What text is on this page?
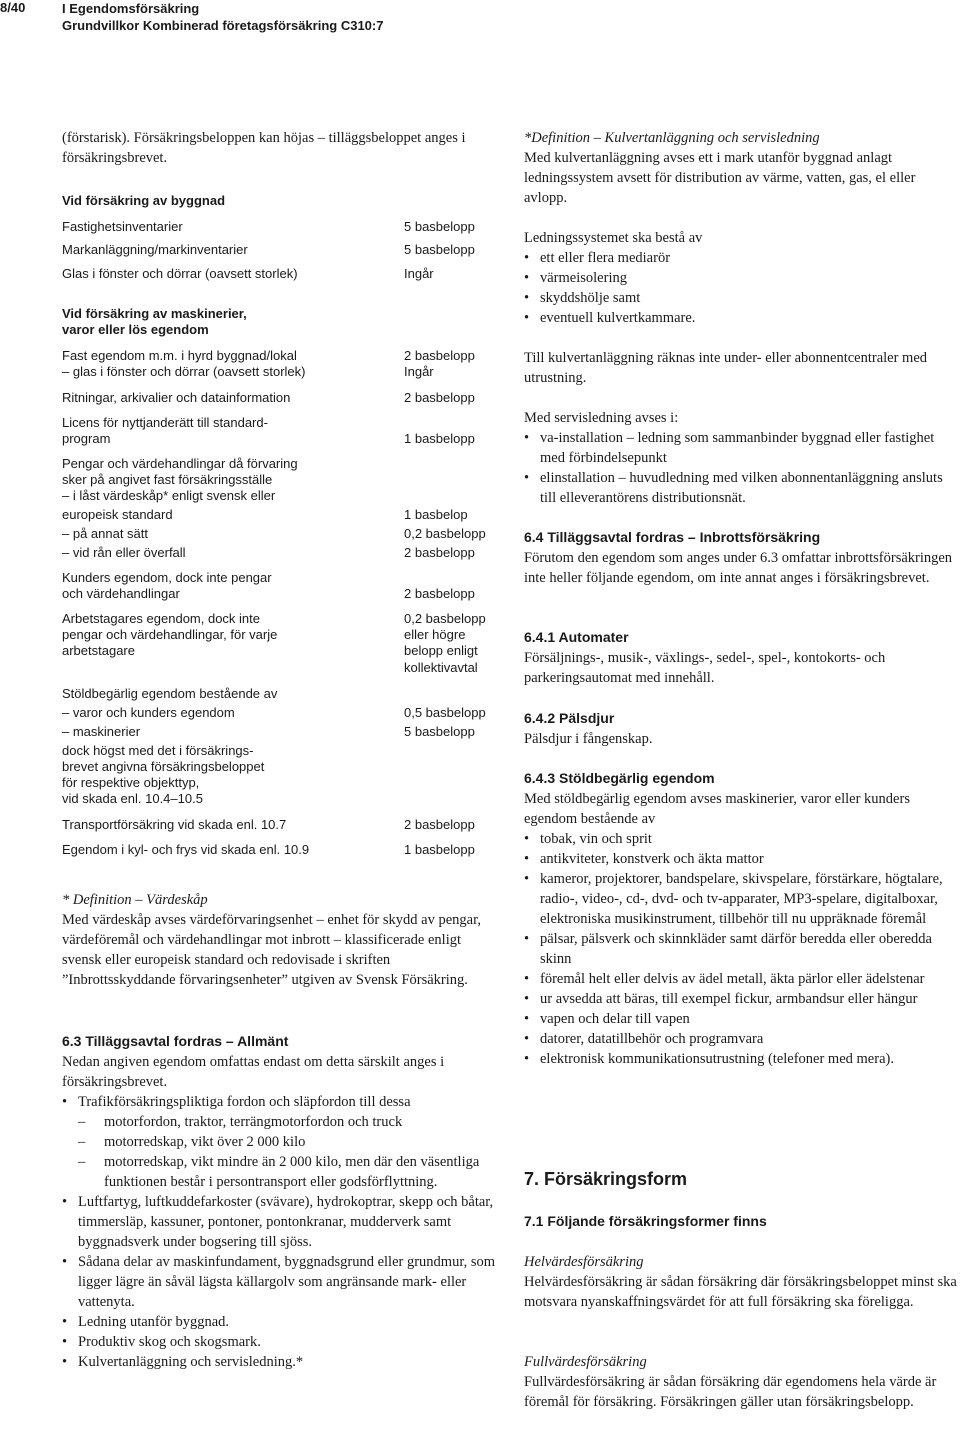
8/40	I Egendomsförsäkring
Grundvillkor Kombinerad företagsförsäkring C310:7
(förstarisk). Försäkringsbeloppen kan höjas – tilläggsbeloppet anges i försäkringsbrevet.
Vid försäkring av byggnad
Fastighetsinventarier	5 basbelopp
Markanläggning/markinventarier	5 basbelopp
Glas i fönster och dörrar (oavsett storlek)	Ingår
Vid försäkring av maskinerier,
varor eller lös egendom
Fast egendom m.m. i hyrd byggnad/lokal	2 basbelopp
– glas i fönster och dörrar (oavsett storlek)	Ingår
Ritningar, arkivalier och datainformation	2 basbelopp
Licens för nyttjanderätt till standard-
program	1 basbelopp
Pengar och värdehandlingar då förvaring
sker på angivet fast försäkringsställe
– i låst värdeskåp* enligt svensk eller
europeisk standard	1 basbelop
– på annat sätt	0,2 basbelopp
– vid rån eller överfall	2 basbelopp
Kunders egendom, dock inte pengar
och värdehandlingar	2 basbelopp
Arbetstagares egendom, dock inte	0,2 basbelopp
pengar och värdehandlingar, för varje	eller högre
arbetstagare	belopp enligt
kollektivavtal
Stöldbegärlig egendom bestående av
– varor och kunders egendom	0,5 basbelopp
– maskinerier	5 basbelopp
dock högst med det i försäkrings-
brevet angivna försäkringsbeloppet
för respektive objekttyp,
vid skada enl. 10.4–10.5
Transportförsäkring vid skada enl. 10.7	2 basbelopp
Egendom i kyl- och frys vid skada enl. 10.9	1 basbelopp

* Definition – Värdeskåp

Med värdeskåp avses värdeförvaringsenhet – enhet för skydd av pengar, värdeföremål och värdehandlingar mot inbrott – klassificerade enligt svensk eller europeisk standard och redovisade i skriften ”Inbrottsskyddande förvaringsenheter” utgiven av Svensk Försäkring.

6.3 Tilläggsavtal fordras – Allmänt

Nedan angiven egendom omfattas endast om detta särskilt anges i försäkringsbrevet.

• Trafikförsäkringspliktiga fordon och släpfordon till dessa
– motorfordon, traktor, terrängmotorfordon och truck
– motorredskap, vikt över 2 000 kilo
– motorredskap, vikt mindre än 2 000 kilo, men där den väsentliga funktionen består i persontransport eller godsförflyttning.
• Luftfartyg, luftkuddefarkoster (svävare), hydrokoptrar, skepp och båtar, timmersläp, kassuner, pontoner, pontonkranar, mudderverk samt byggnadsverk under bogsering till sjöss.
• Sådana delar av maskinfundament, byggnadsgrund eller grundmur, som ligger lägre än såväl lägsta källargolv som angränsande mark- eller vattenyta.
• Ledning utanför byggnad.
• Produktiv skog och skogsmark.
• Kulvertanläggning och servisledning.*

*Definition – Kulvertanläggning och servisledning

Med kulvertanläggning avses ett i mark utanför byggnad anlagt ledningssystem avsett för distribution av värme, vatten, gas, el eller avlopp.

Ledningssystemet ska bestå av

• ett eller flera mediarör
• värmeisolering
• skyddshölje samt
• eventuell kulvertkammare.
Till kulvertanläggning räknas inte under- eller abonnentcentraler med utrustning.

Med servisledning avses i:

• va-installation – ledning som sammanbinder byggnad eller fastighet med förbindelsepunkt
• elinstallation – huvudledning med vilken abonnentanläggning ansluts till elleverantörens distributionsnät.
6.4 Tilläggsavtal fordras – Inbrottsförsäkring
Förutom den egendom som anges under 6.3 omfattar inbrottsförsäkringen inte heller följande egendom, om inte annat anges i försäkringsbrevet.
6.4.1 Automater
Försäljnings-, musik-, växlings-, sedel-, spel-, kontokorts- och parkeringsautomat med innehåll.
6.4.2 Pälsdjur
Pälsdjur i fångenskap.
6.4.3 Stöldbegärlig egendom

Med stöldbegärlig egendom avses maskinerier, varor eller kunders egendom bestående av

• tobak, vin och sprit
• antikviteter, konstverk och äkta mattor
• kameror, projektorer, bandspelare, skivspelare, förstärkare, högtalare, radio-, video-, cd-, dvd- och tv-apparater, MP3-spelare, digitalboxar, elektroniska musikinstrument, tillbehör till nu uppräknade föremål
• pälsar, pälsverk och skinnkläder samt därför beredda eller oberedda skinn
• föremål helt eller delvis av ädel metall, äkta pärlor eller ädelstenar
• ur avsedda att bäras, till exempel fickur, armbandsur eller hängur
• vapen och delar till vapen
• datorer, datatillbehör och programvara
• elektronisk kommunikationsutrustning (telefoner med mera).
7. Försäkringsform
7.1 Följande försäkringsformer finns

Helvärdesförsäkring

Helvärdesförsäkring är sådan försäkring där försäkringsbeloppet minst ska motsvara nyanskaffningsvärdet för att full försäkring ska föreligga.

Fullvärdesförsäkring

Fullvärdesförsäkring är sådan försäkring där egendomens hela värde är föremål för försäkring. Försäkringen gäller utan försäkringsbelopp.
